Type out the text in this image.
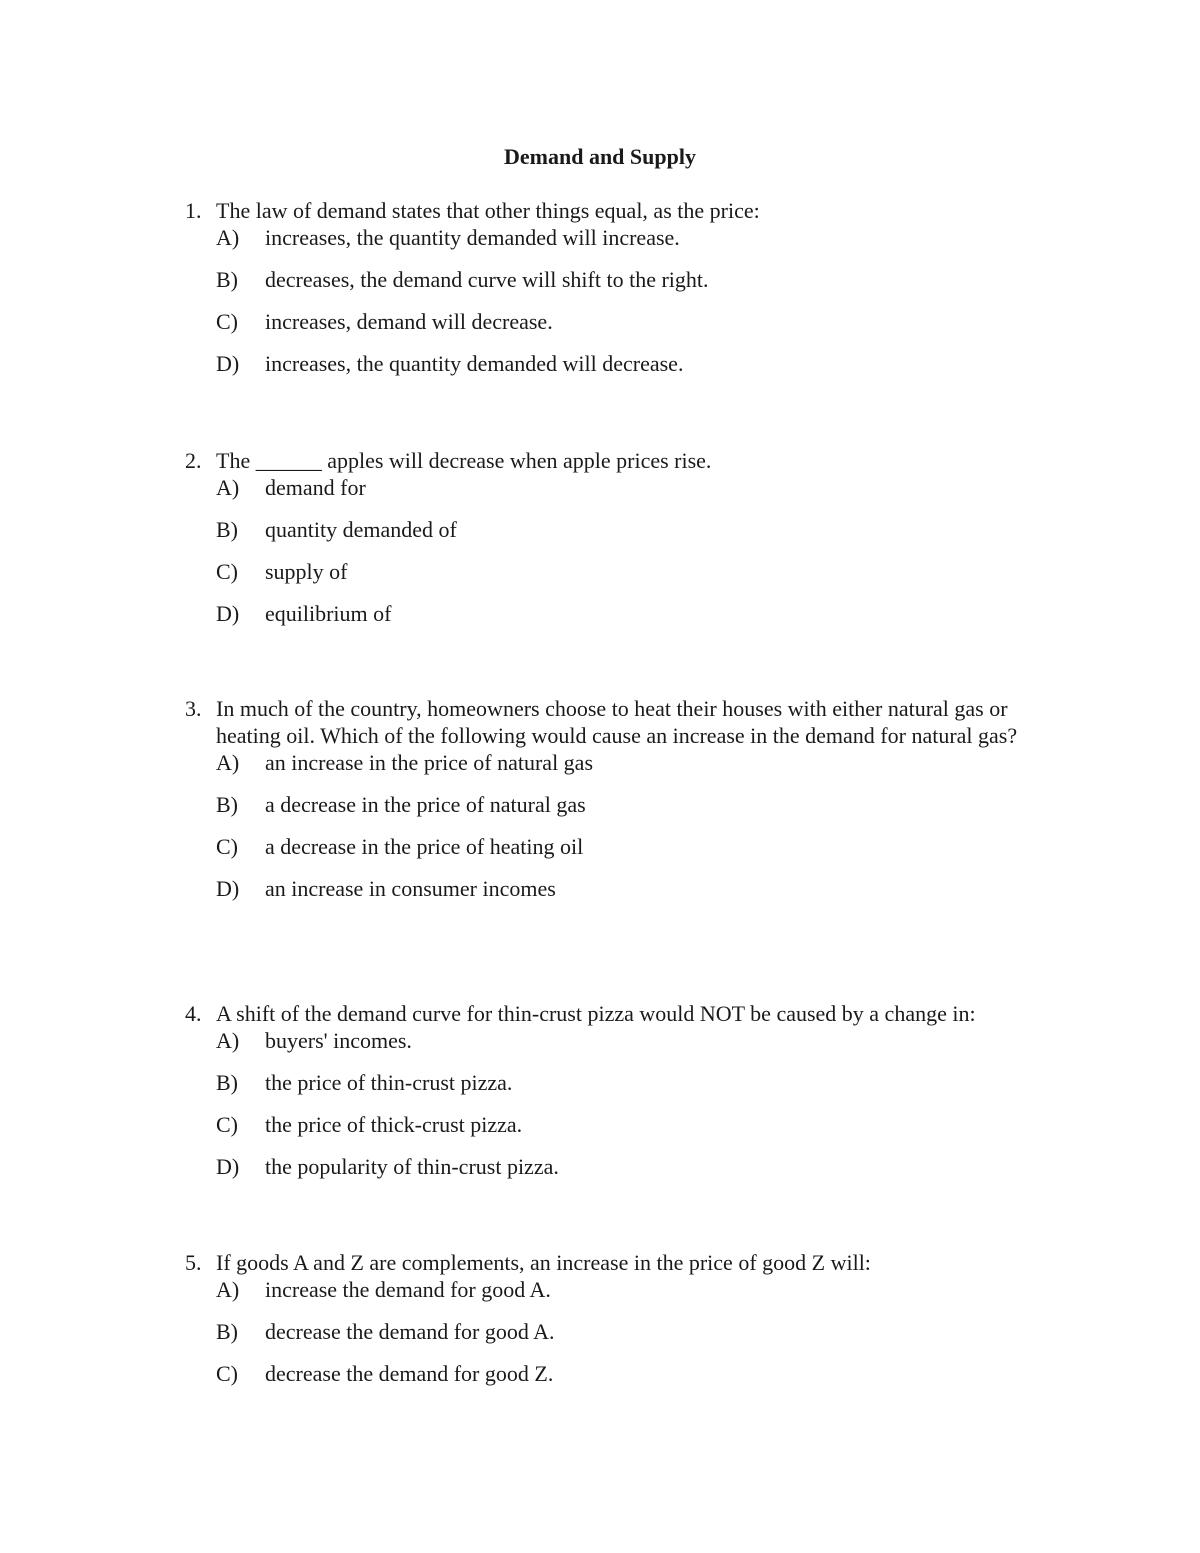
Demand and Supply
1. The law of demand states that other things equal, as the price:
A) increases, the quantity demanded will increase.
B) decreases, the demand curve will shift to the right.
C) increases, demand will decrease.
D) increases, the quantity demanded will decrease.
2. The ______ apples will decrease when apple prices rise.
A) demand for
B) quantity demanded of
C) supply of
D) equilibrium of
3. In much of the country, homeowners choose to heat their houses with either natural gas or heating oil. Which of the following would cause an increase in the demand for natural gas?
A) an increase in the price of natural gas
B) a decrease in the price of natural gas
C) a decrease in the price of heating oil
D) an increase in consumer incomes
4. A shift of the demand curve for thin-crust pizza would NOT be caused by a change in:
A) buyers' incomes.
B) the price of thin-crust pizza.
C) the price of thick-crust pizza.
D) the popularity of thin-crust pizza.
5. If goods A and Z are complements, an increase in the price of good Z will:
A) increase the demand for good A.
B) decrease the demand for good A.
C) decrease the demand for good Z.
